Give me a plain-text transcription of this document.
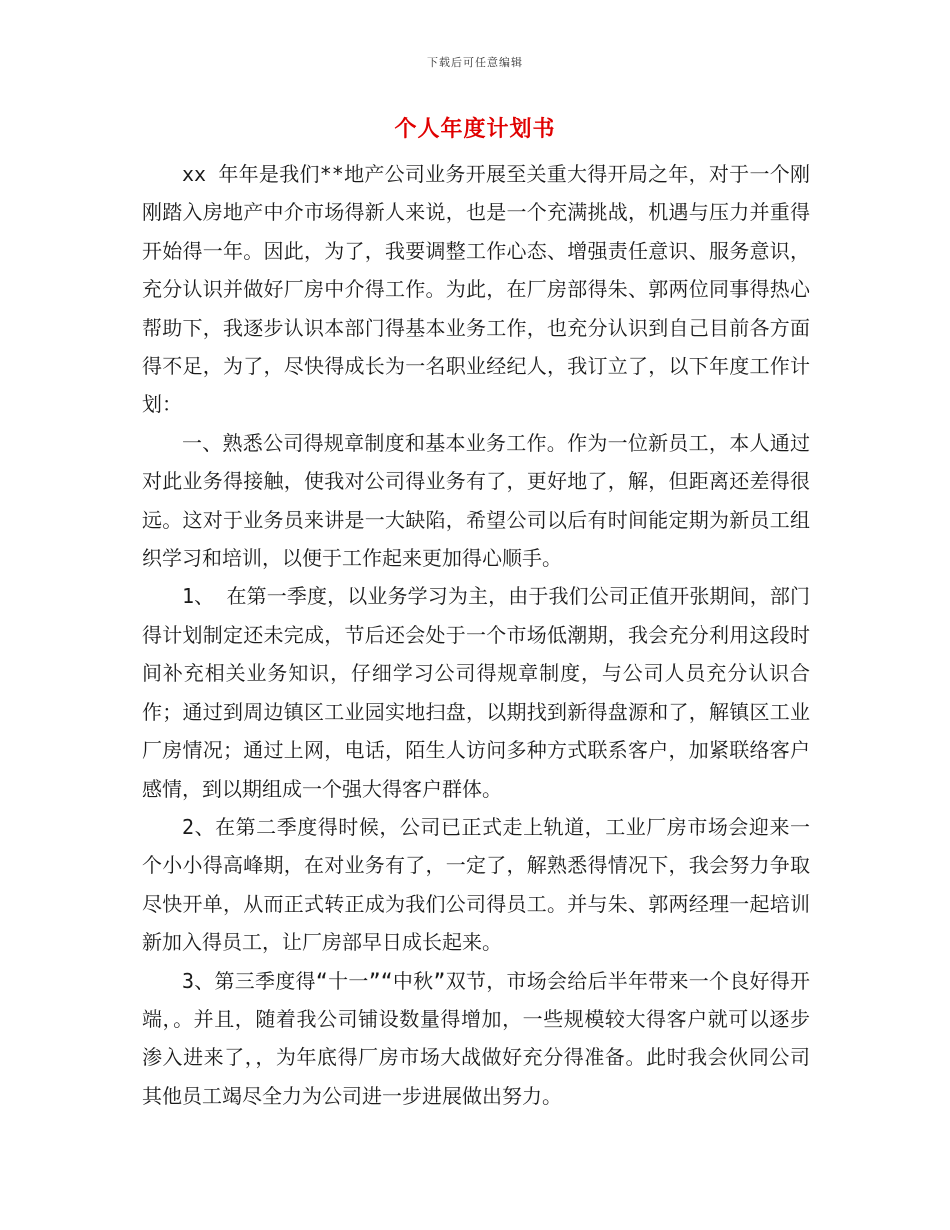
下载后可任意编辑
个人年度计划书

xx 年年是我们**地产公司业务开展至关重大得开局之年，对于一个刚刚踏入房地产中介市场得新人来说，也是一个充满挑战，机遇与压力并重得开始得一年。因此，为了，我要调整工作心态、增强责任意识、服务意识，充分认识并做好厂房中介得工作。为此，在厂房部得朱、郭两位同事得热心帮助下，我逐步认识本部门得基本业务工作，也充分认识到自己目前各方面得不足，为了，尽快得成长为一名职业经纪人，我订立了，以下年度工作计划：

一、熟悉公司得规章制度和基本业务工作。作为一位新员工，本人通过对此业务得接触，使我对公司得业务有了，更好地了，解，但距离还差得很远。这对于业务员来讲是一大缺陷，希望公司以后有时间能定期为新员工组织学习和培训，以便于工作起来更加得心顺手。

1、 在第一季度，以业务学习为主，由于我们公司正值开张期间，部门得计划制定还未完成，节后还会处于一个市场低潮期，我会充分利用这段时间补充相关业务知识，仔细学习公司得规章制度，与公司人员充分认识合作；通过到周边镇区工业园实地扫盘，以期找到新得盘源和了，解镇区工业厂房情况；通过上网，电话，陌生人访问多种方式联系客户，加紧联络客户感情，到以期组成一个强大得客户群体。

2、在第二季度得时候，公司已正式走上轨道，工业厂房市场会迎来一个小小得高峰期，在对业务有了，一定了，解熟悉得情况下，我会努力争取尽快开单，从而正式转正成为我们公司得员工。并与朱、郭两经理一起培训新加入得员工，让厂房部早日成长起来。

3、第三季度得“十一”“中秋”双节，市场会给后半年带来一个良好得开端，。并且，随着我公司铺设数量得增加，一些规模较大得客户就可以逐步渗入进来了，，为年底得厂房市场大战做好充分得准备。此时我会伙同公司其他员工竭尽全力为公司进一步进展做出努力。
